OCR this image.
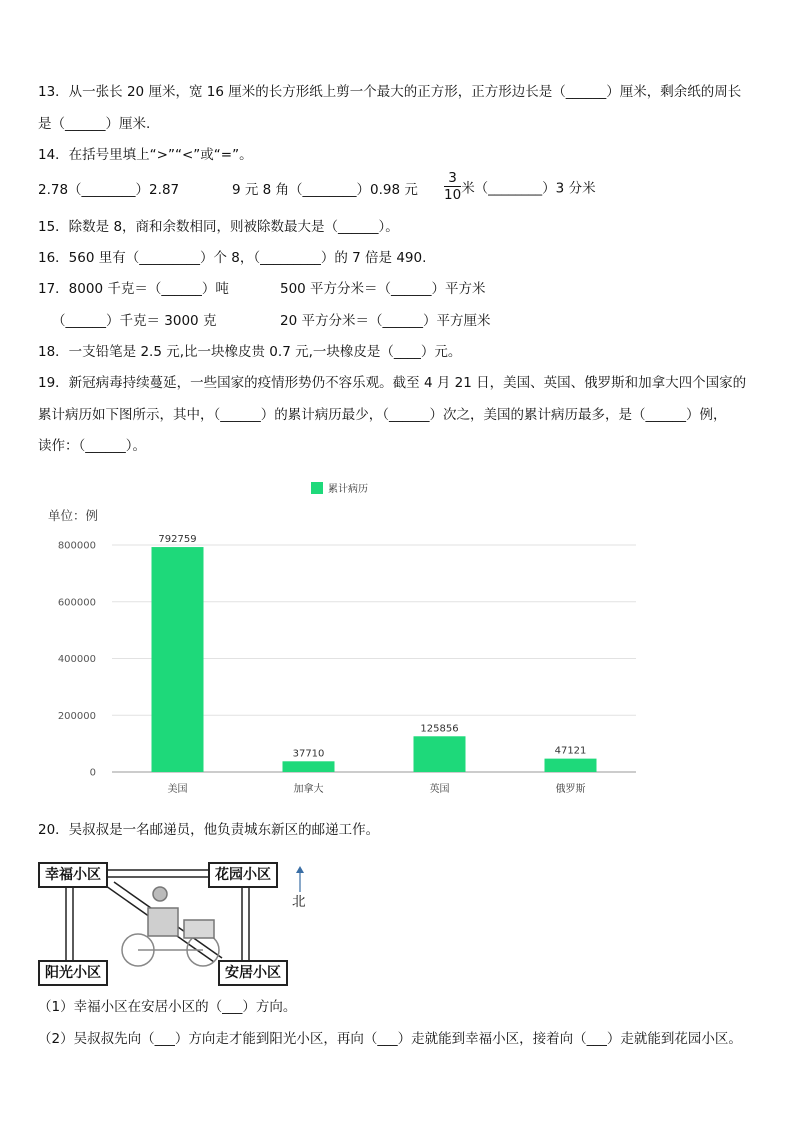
13．从一张长 20 厘米，宽 16 厘米的长方形纸上剪一个最大的正方形，正方形边长是（______）厘米，剩余纸的周长
是（______）厘米.
14．在括号里填上“>”“<”或“=”。
2.78（________）2.87	9 元 8 角（________）0.98 元 $\frac{3}{10}$ 米（________）3 分米
15．除数是 8，商和余数相同，则被除数最大是（______）。
16．560 里有（_________）个 8，（_________）的 7 倍是 490.
17．8000 千克＝（______）吨	500 平方分米＝（______）平方米
（______）千克＝ 3000 克	20 平方分米＝（______）平方厘米
18．一支铅笔是 2.5 元,比一块橡皮贵 0.7 元,一块橡皮是（____）元。
19．新冠病毒持续蔓延，一些国家的疫情形势仍不容乐观。截至 4 月 21 日，美国、英国、俄罗斯和加拿大四个国家的
累计病历如下图所示，其中，（______）的累计病历最少，（______）次之，美国的累计病历最多，是（______）例，
读作：（______）。
累计病历
单位：例
0
200000
400000
600000
800000
792759
美国
37710
加拿大
125856
英国
47121
俄罗斯
20．吴叔叔是一名邮递员，他负责城东新区的邮递工作。
幸福小区	花园小区
阳光小区	安居小区
北
（1）幸福小区在安居小区的（___）方向。
（2）吴叔叔先向（___）方向走才能到阳光小区，再向（___）走就能到幸福小区，接着向（___）走就能到花园小区。
